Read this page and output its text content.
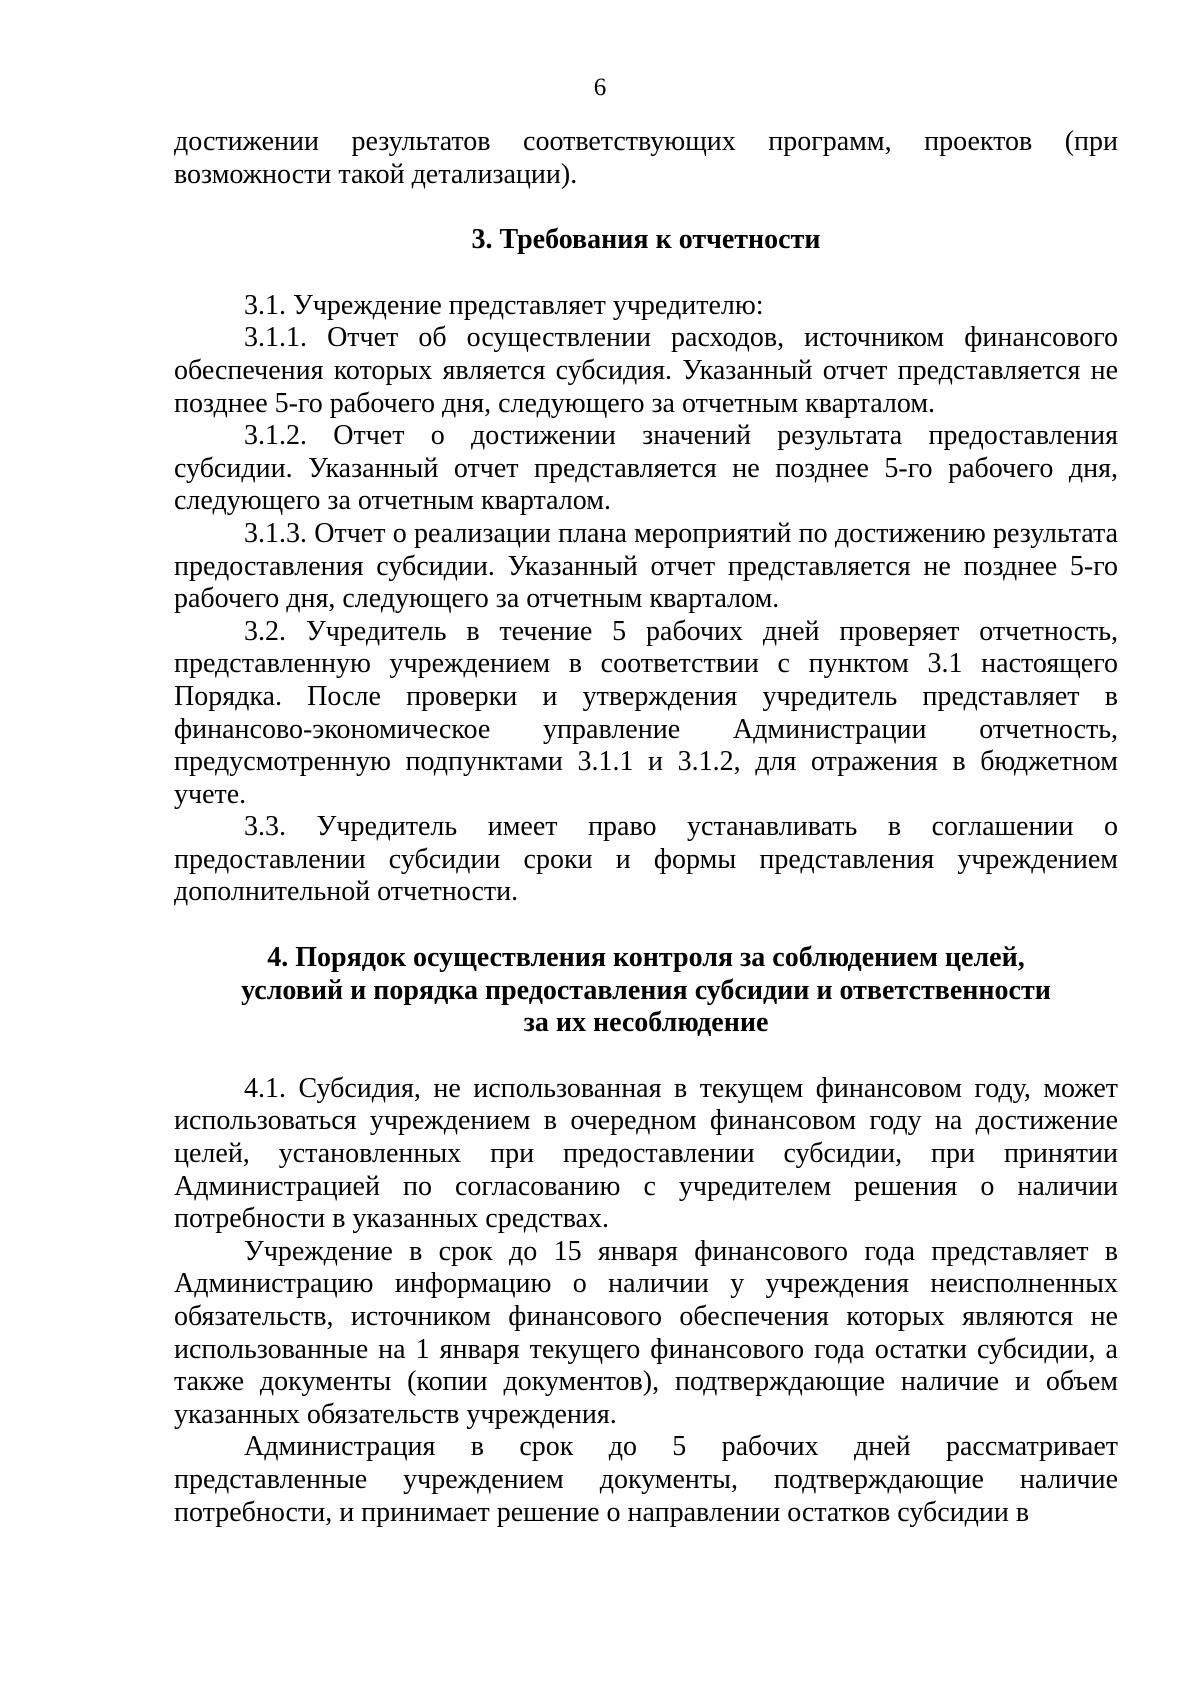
6

достижении результатов соответствующих программ, проектов (при возможности такой детализации).

3. Требования к отчетности

3.1. Учреждение представляет учредителю:

3.1.1. Отчет об осуществлении расходов, источником финансового обеспечения которых является субсидия. Указанный отчет представляется не позднее 5-го рабочего дня, следующего за отчетным кварталом.

3.1.2. Отчет о достижении значений результата предоставления субсидии. Указанный отчет представляется не позднее 5-го рабочего дня, следующего за отчетным кварталом.

3.1.3. Отчет о реализации плана мероприятий по достижению результата предоставления субсидии. Указанный отчет представляется не позднее 5-го рабочего дня, следующего за отчетным кварталом.

3.2. Учредитель в течение 5 рабочих дней проверяет отчетность, представленную учреждением в соответствии с пунктом 3.1 настоящего Порядка. После проверки и утверждения учредитель представляет в финансово-экономическое управление Администрации отчетность, предусмотренную подпунктами 3.1.1 и 3.1.2, для отражения в бюджетном учете.

3.3. Учредитель имеет право устанавливать в соглашении о предоставлении субсидии сроки и формы представления учреждением дополнительной отчетности.

4. Порядок осуществления контроля за соблюдением целей,

условий и порядка предоставления субсидии и ответственности

за их несоблюдение

4.1. Субсидия, не использованная в текущем финансовом году, может использоваться учреждением в очередном финансовом году на достижение целей, установленных при предоставлении субсидии, при принятии Администрацией по согласованию с учредителем решения о наличии потребности в указанных средствах.

Учреждение в срок до 15 января финансового года представляет в Администрацию информацию о наличии у учреждения неисполненных обязательств, источником финансового обеспечения которых являются не использованные на 1 января текущего финансового года остатки субсидии, а также документы (копии документов), подтверждающие наличие и объем указанных обязательств учреждения.

Администрация в срок до 5 рабочих дней рассматривает представленные учреждением документы, подтверждающие наличие потребности, и принимает решение о направлении остатков субсидии в
